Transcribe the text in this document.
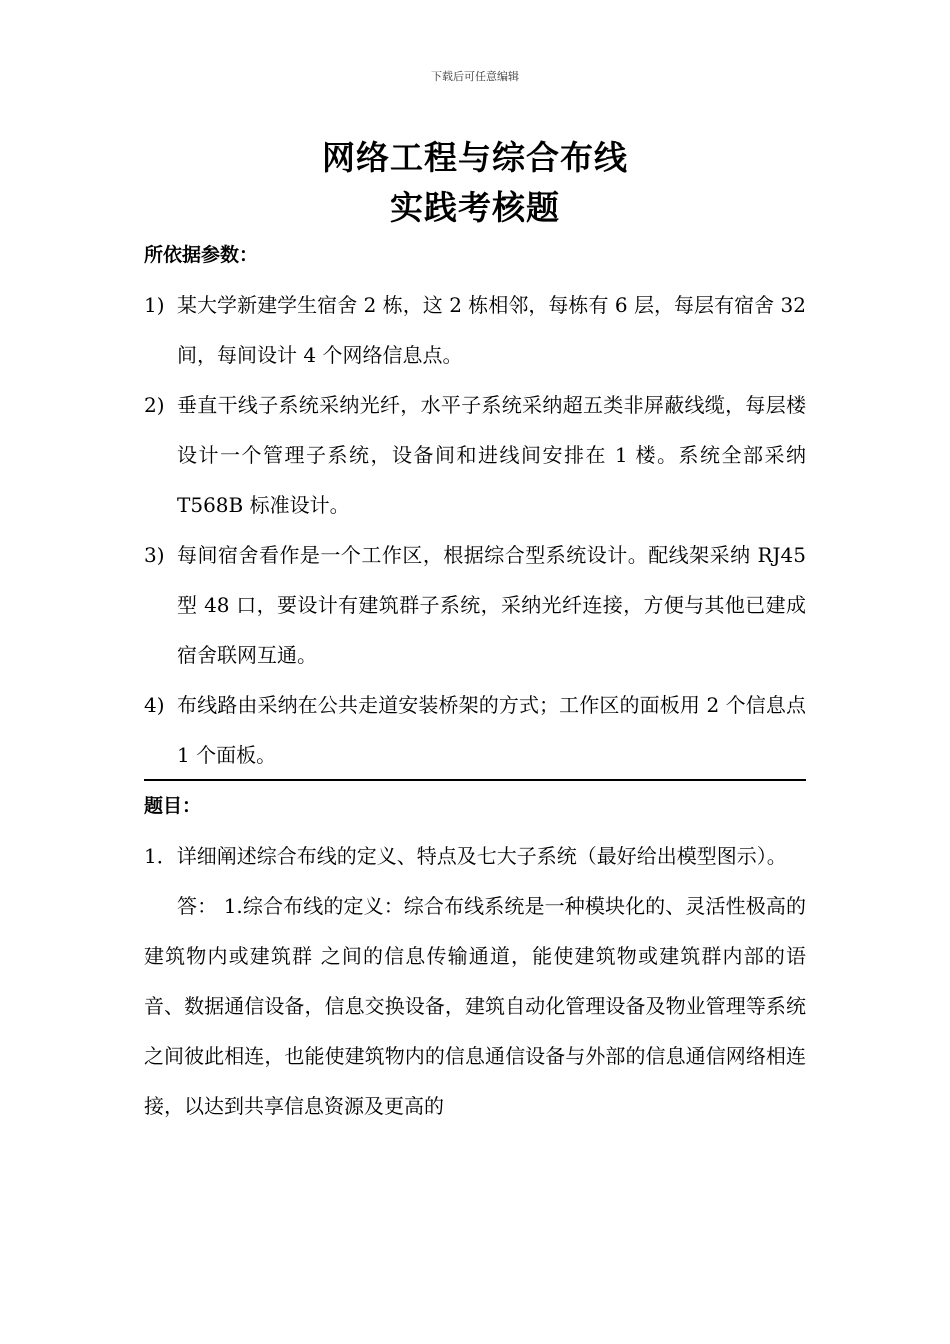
下载后可任意编辑
网络工程与综合布线
实践考核题
所依据参数：
1) 某大学新建学生宿舍 2 栋，这 2 栋相邻，每栋有 6 层，每层有宿舍 32 间，每间设计 4 个网络信息点。
2) 垂直干线子系统采纳光纤，水平子系统采纳超五类非屏蔽线缆，每层楼设计一个管理子系统，设备间和进线间安排在 1 楼。系统全部采纳 T568B 标准设计。
3) 每间宿舍看作是一个工作区，根据综合型系统设计。配线架采纳 RJ45 型 48 口，要设计有建筑群子系统，采纳光纤连接，方便与其他已建成宿舍联网互通。
4) 布线路由采纳在公共走道安装桥架的方式；工作区的面板用 2 个信息点 1 个面板。
题目：
1．详细阐述综合布线的定义、特点及七大子系统（最好给出模型图示）。
答： 1.综合布线的定义：综合布线系统是一种模块化的、灵活性极高的建筑物内或建筑群 之间的信息传输通道，能使建筑物或建筑群内部的语音、数据通信设备，信息交换设备，建筑自动化管理设备及物业管理等系统之间彼此相连，也能使建筑物内的信息通信设备与外部的信息通信网络相连接，以达到共享信息资源及更高的
